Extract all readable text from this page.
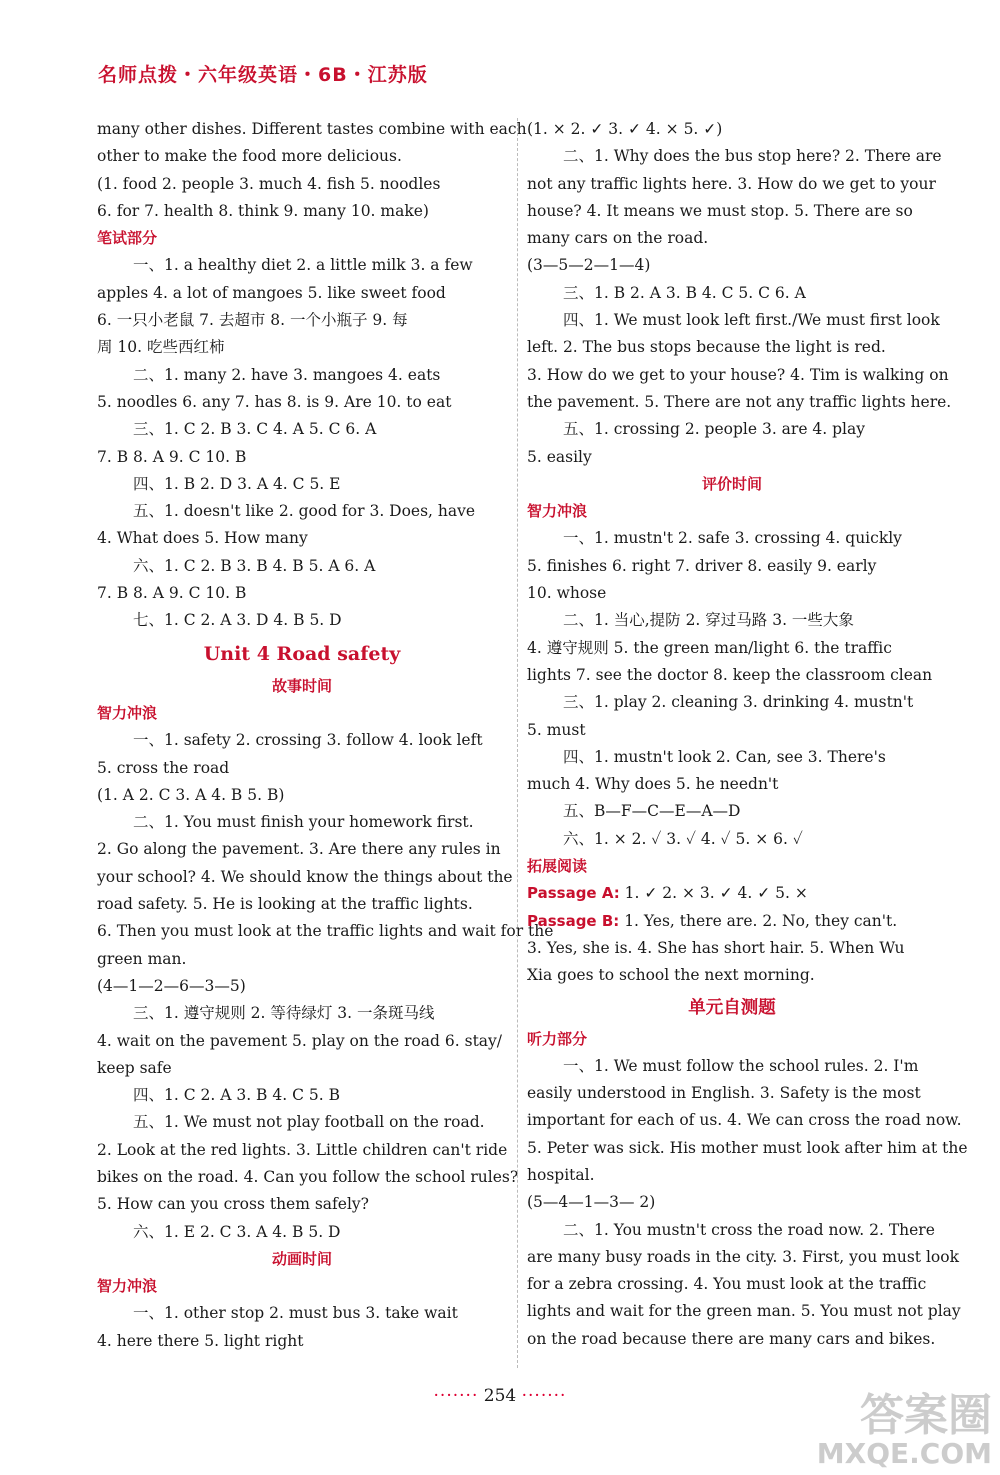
名师点拨・六年级英语・6B・江苏版
many other dishes. Different tastes combine with each
other to make the food more delicious.
(1. food 2. people 3. much 4. fish 5. noodles
6. for 7. health 8. think 9. many 10. make)
笔试部分
一、1. a healthy diet 2. a little milk 3. a few
apples 4. a lot of mangoes 5. like sweet food
6. 一只小老鼠 7. 去超市 8. 一个小瓶子 9. 每
周 10. 吃些西红柿
二、1. many 2. have 3. mangoes 4. eats
5. noodles 6. any 7. has 8. is 9. Are 10. to eat
三、1. C 2. B 3. C 4. A 5. C 6. A
7. B 8. A 9. C 10. B
四、1. B 2. D 3. A 4. C 5. E
五、1. doesn't like 2. good for 3. Does, have
4. What does 5. How many
六、1. C 2. B 3. B 4. B 5. A 6. A
7. B 8. A 9. C 10. B
七、1. C 2. A 3. D 4. B 5. D
Unit 4 Road safety
故事时间
智力冲浪
一、1. safety 2. crossing 3. follow 4. look left
5. cross the road
(1. A 2. C 3. A 4. B 5. B)
二、1. You must finish your homework first.
2. Go along the pavement. 3. Are there any rules in
your school? 4. We should know the things about the
road safety. 5. He is looking at the traffic lights.
6. Then you must look at the traffic lights and wait for the
green man.
(4—1—2—6—3—5)
三、1. 遵守规则 2. 等待绿灯 3. 一条斑马线
4. wait on the pavement 5. play on the road 6. stay/
keep safe
四、1. C 2. A 3. B 4. C 5. B
五、1. We must not play football on the road.
2. Look at the red lights. 3. Little children can't ride
bikes on the road. 4. Can you follow the school rules?
5. How can you cross them safely?
六、1. E 2. C 3. A 4. B 5. D
动画时间
智力冲浪
一、1. other stop 2. must bus 3. take wait
4. here there 5. light right
(1. × 2. ✓ 3. ✓ 4. × 5. ✓)
二、1. Why does the bus stop here? 2. There are
not any traffic lights here. 3. How do we get to your
house? 4. It means we must stop. 5. There are so
many cars on the road.
(3—5—2—1—4)
三、1. B 2. A 3. B 4. C 5. C 6. A
四、1. We must look left first./We must first look
left. 2. The bus stops because the light is red.
3. How do we get to your house? 4. Tim is walking on
the pavement. 5. There are not any traffic lights here.
五、1. crossing 2. people 3. are 4. play
5. easily
评价时间
智力冲浪
一、1. mustn't 2. safe 3. crossing 4. quickly
5. finishes 6. right 7. driver 8. easily 9. early
10. whose
二、1. 当心,提防 2. 穿过马路 3. 一些大象
4. 遵守规则 5. the green man/light 6. the traffic
lights 7. see the doctor 8. keep the classroom clean
三、1. play 2. cleaning 3. drinking 4. mustn't
5. must
四、1. mustn't look 2. Can, see 3. There's
much 4. Why does 5. he needn't
五、B—F—C—E—A—D
六、1. × 2. ✓ 3. ✓ 4. ✓ 5. × 6. ✓
拓展阅读
Passage A: 1. ✓ 2. × 3. ✓ 4. ✓ 5. ×
Passage B: 1. Yes, there are. 2. No, they can't.
3. Yes, she is. 4. She has short hair. 5. When Wu
Xia goes to school the next morning.
单元自测题
听力部分
一、1. We must follow the school rules. 2. I'm
easily understood in English. 3. Safety is the most
important for each of us. 4. We can cross the road now.
5. Peter was sick. His mother must look after him at the
hospital.
(5—4—1—3— 2)
二、1. You mustn't cross the road now. 2. There
are many busy roads in the city. 3. First, you must look
for a zebra crossing. 4. You must look at the traffic
lights and wait for the green man. 5. You must not play
on the road because there are many cars and bikes.
······· 254 ·······	答案圈
MXQE.COM
